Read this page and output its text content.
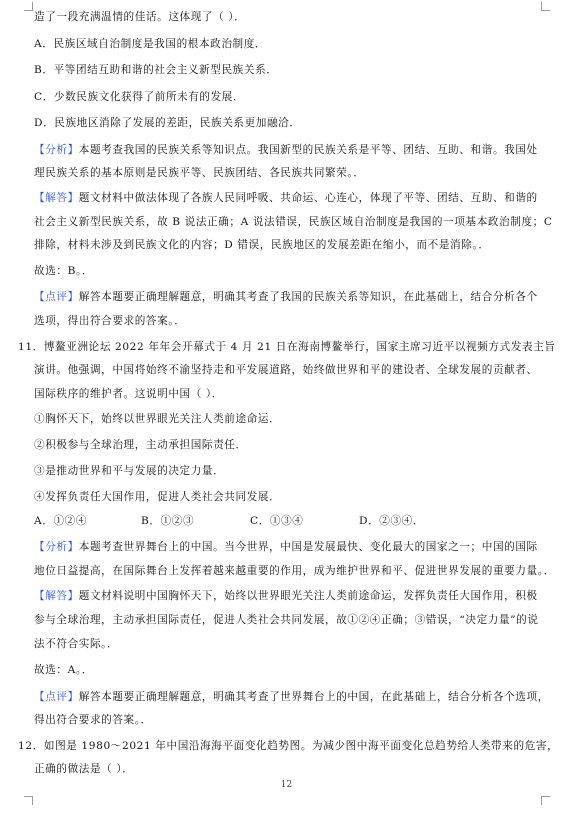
造了一段充满温情的佳话。这体现了（ ）．
A．民族区域自治制度是我国的根本政治制度．
B．平等团结互助和谐的社会主义新型民族关系．
C．少数民族文化获得了前所未有的发展．
D．民族地区消除了发展的差距，民族关系更加融洽．
【分析】本题考查我国的民族关系等知识点。我国新型的民族关系是平等、团结、互助、和谐。我国处
理民族关系的基本原则是民族平等、民族团结、各民族共同繁荣。．
【解答】题文材料中做法体现了各族人民同呼吸、共命运、心连心，体现了平等、团结、互助、和谐的
社会主义新型民族关系，故 B 说法正确；A 说法错误，民族区域自治制度是我国的一项基本政治制度；C
排除，材料未涉及到民族文化的内容；D 错误，民族地区的发展差距在缩小，而不是消除。．
故选：B。．
【点评】解答本题要正确理解题意，明确其考查了我国的民族关系等知识，在此基础上，结合分析各个
选项，得出符合要求的答案。．
11．博鳌亚洲论坛 2022 年年会开幕式于 4 月 21 日在海南博鳌举行，国家主席习近平以视频方式发表主旨
演讲。他强调，中国将始终不渝坚持走和平发展道路，始终做世界和平的建设者、全球发展的贡献者、
国际秩序的维护者。这说明中国（ ）．
①胸怀天下，始终以世界眼光关注人类前途命运．
②积极参与全球治理，主动承担国际责任．
③是推动世界和平与发展的决定力量．
④发挥负责任大国作用，促进人类社会共同发展．
A．①②④	B．①②③	C．①③④	D．②③④．
【分析】本题考查世界舞台上的中国。当今世界，中国是发展最快、变化最大的国家之一；中国的国际
地位日益提高，在国际舞台上发挥着越来越重要的作用，成为维护世界和平、促进世界发展的重要力量。．
【解答】题文材料说明中国胸怀天下，始终以世界眼光关注人类前途命运，发挥负责任大国作用，积极
参与全球治理，主动承担国际责任，促进人类社会共同发展，故①②④正确；③错误，“决定力量”的说
法不符合实际。．
故选：A。．
【点评】解答本题要正确理解题意，明确其考查了世界舞台上的中国，在此基础上，结合分析各个选项，
得出符合要求的答案。．
12．如图是 1980～2021 年中国沿海海平面变化趋势图。为减少图中海平面变化总趋势给人类带来的危害，
正确的做法是（ ）．
12
